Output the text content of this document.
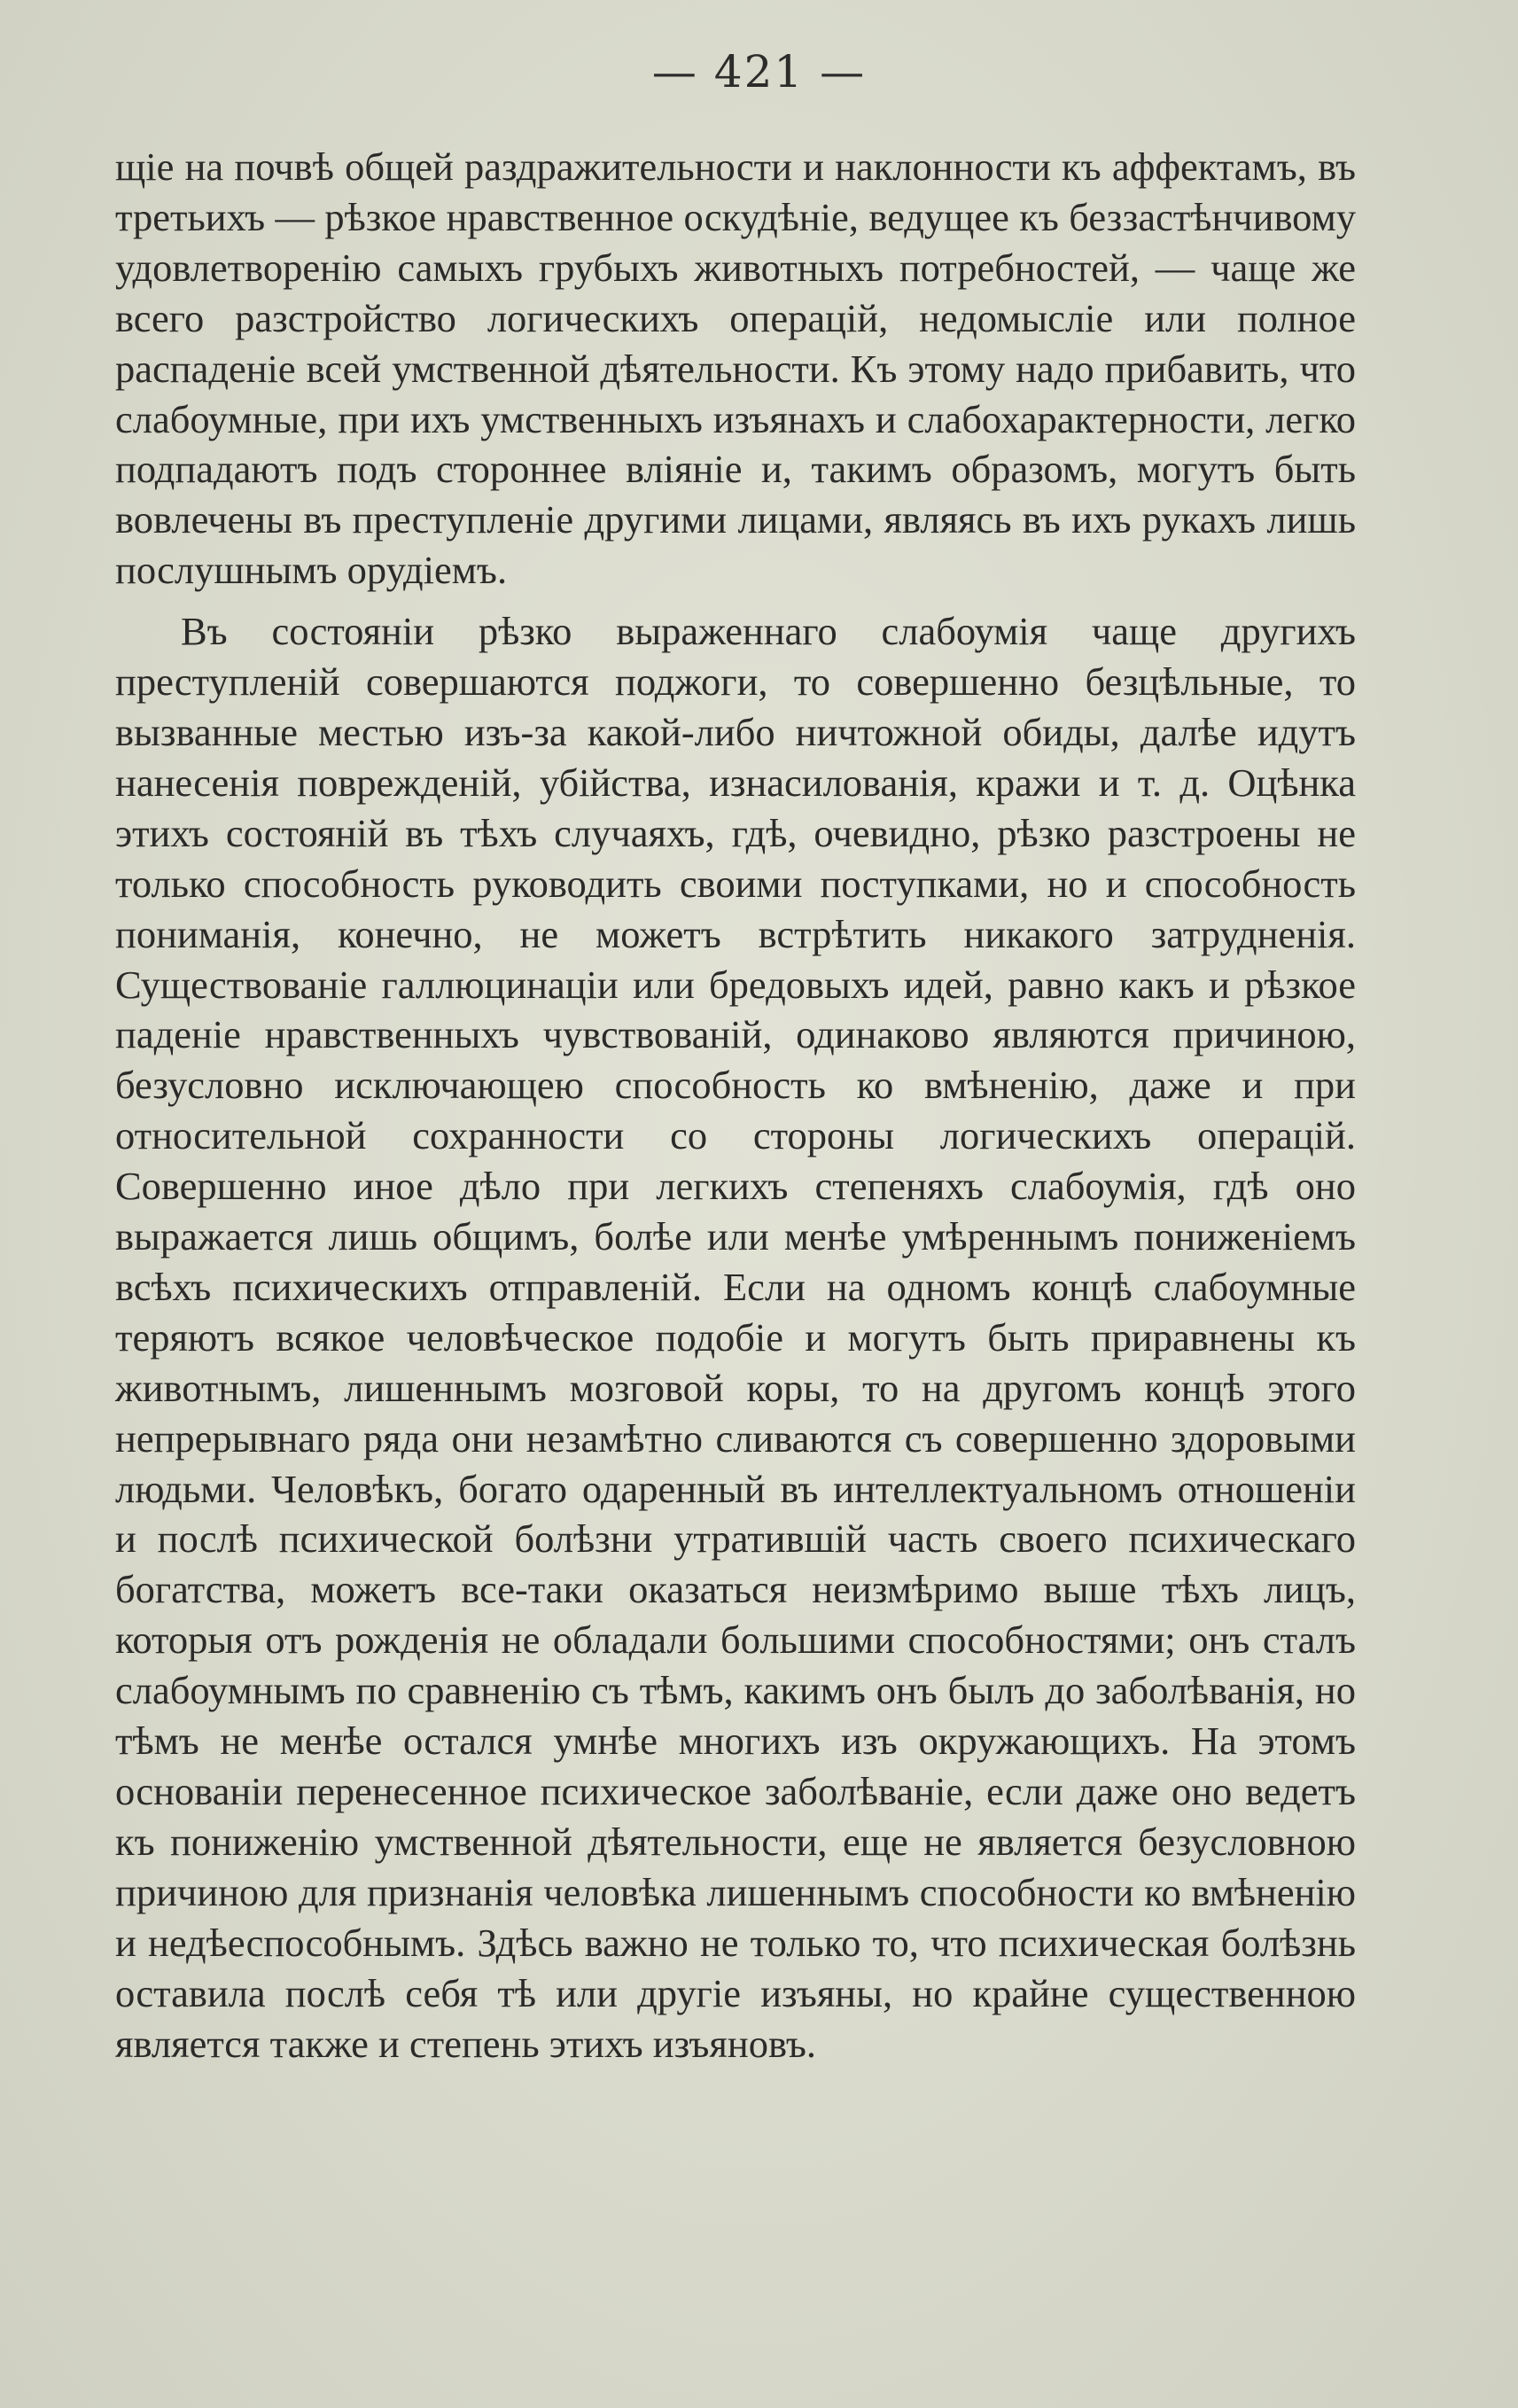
— 421 —

щіе на почвѣ общей раздражительности и наклонности къ аффектамъ, въ третьихъ — рѣзкое нравственное оскудѣніе, ведущее къ беззастѣнчивому удовлетворенію самыхъ грубыхъ животныхъ потребностей, — чаще же всего разстройство логическихъ операцій, недомысліе или полное распаденіе всей умственной дѣятельности. Къ этому надо прибавить, что слабоумные, при ихъ умственныхъ изъянахъ и слабохарактерности, легко подпадаютъ подъ стороннее вліяніе и, такимъ образомъ, могутъ быть вовлечены въ преступленіе другими лицами, являясь въ ихъ рукахъ лишь послушнымъ орудіемъ.

Въ состояніи рѣзко выраженнаго слабоумія чаще другихъ преступленій совершаются поджоги, то совершенно безцѣльные, то вызванные местью изъ-за какой-либо ничтожной обиды, далѣе идутъ нанесенія поврежденій, убійства, изнасилованія, кражи и т. д. Оцѣнка этихъ состояній въ тѣхъ случаяхъ, гдѣ, очевидно, рѣзко разстроены не только способность руководить своими поступками, но и способность пониманія, конечно, не можетъ встрѣтить никакого затрудненія. Существованіе галлюцинаціи или бредовыхъ идей, равно какъ и рѣзкое паденіе нравственныхъ чувствованій, одинаково являются причиною, безусловно исключающею способность ко вмѣненію, даже и при относительной сохранности со стороны логическихъ операцій. Совершенно иное дѣло при легкихъ степеняхъ слабоумія, гдѣ оно выражается лишь общимъ, болѣе или менѣе умѣреннымъ пониженіемъ всѣхъ психическихъ отправленій. Если на одномъ концѣ слабоумные теряютъ всякое человѣческое подобіе и могутъ быть приравнены къ животнымъ, лишеннымъ мозговой коры, то на другомъ концѣ этого непрерывнаго ряда они незамѣтно сливаются съ совершенно здоровыми людьми. Человѣкъ, богато одаренный въ интеллектуальномъ отношеніи и послѣ психической болѣзни утратившій часть своего психическаго богатства, можетъ все-таки оказаться неизмѣримо выше тѣхъ лицъ, которыя отъ рожденія не обладали большими способностями; онъ сталъ слабоумнымъ по сравненію съ тѣмъ, какимъ онъ былъ до заболѣванія, но тѣмъ не менѣе остался умнѣе многихъ изъ окружающихъ. На этомъ основаніи перенесенное психическое заболѣваніе, если даже оно ведетъ къ пониженію умственной дѣятельности, еще не является безусловною причиною для признанія человѣка лишеннымъ способности ко вмѣненію и недѣеспособнымъ. Здѣсь важно не только то, что психическая болѣзнь оставила послѣ себя тѣ или другіе изъяны, но крайне существенною является также и степень этихъ изъяновъ.
